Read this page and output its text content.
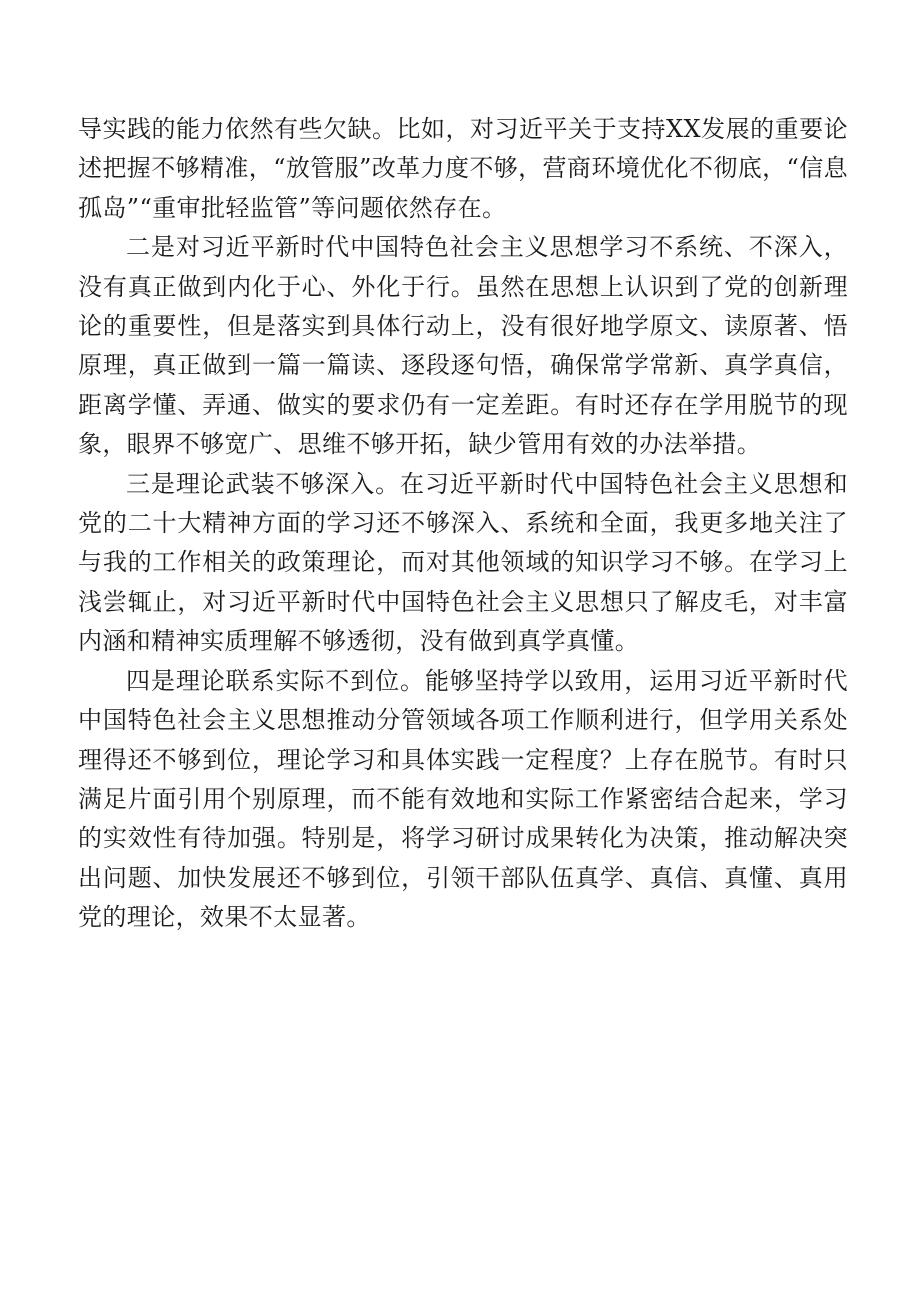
导实践的能力依然有些欠缺。比如，对习近平关于支持XX发展的重要论述把握不够精准，“放管服”改革力度不够，营商环境优化不彻底，“信息孤岛”“重审批轻监管”等问题依然存在。

二是对习近平新时代中国特色社会主义思想学习不系统、不深入，没有真正做到内化于心、外化于行。虽然在思想上认识到了党的创新理论的重要性，但是落实到具体行动上，没有很好地学原文、读原著、悟原理，真正做到一篇一篇读、逐段逐句悟，确保常学常新、真学真信，距离学懂、弄通、做实的要求仍有一定差距。有时还存在学用脱节的现象，眼界不够宽广、思维不够开拓，缺少管用有效的办法举措。

三是理论武装不够深入。在习近平新时代中国特色社会主义思想和党的二十大精神方面的学习还不够深入、系统和全面，我更多地关注了与我的工作相关的政策理论，而对其他领域的知识学习不够。在学习上浅尝辄止，对习近平新时代中国特色社会主义思想只了解皮毛，对丰富内涵和精神实质理解不够透彻，没有做到真学真懂。

四是理论联系实际不到位。能够坚持学以致用，运用习近平新时代中国特色社会主义思想推动分管领域各项工作顺利进行，但学用关系处理得还不够到位，理论学习和具体实践一定程度？上存在脱节。有时只满足片面引用个别原理，而不能有效地和实际工作紧密结合起来，学习的实效性有待加强。特别是，将学习研讨成果转化为决策，推动解决突出问题、加快发展还不够到位，引领干部队伍真学、真信、真懂、真用党的理论，效果不太显著。
